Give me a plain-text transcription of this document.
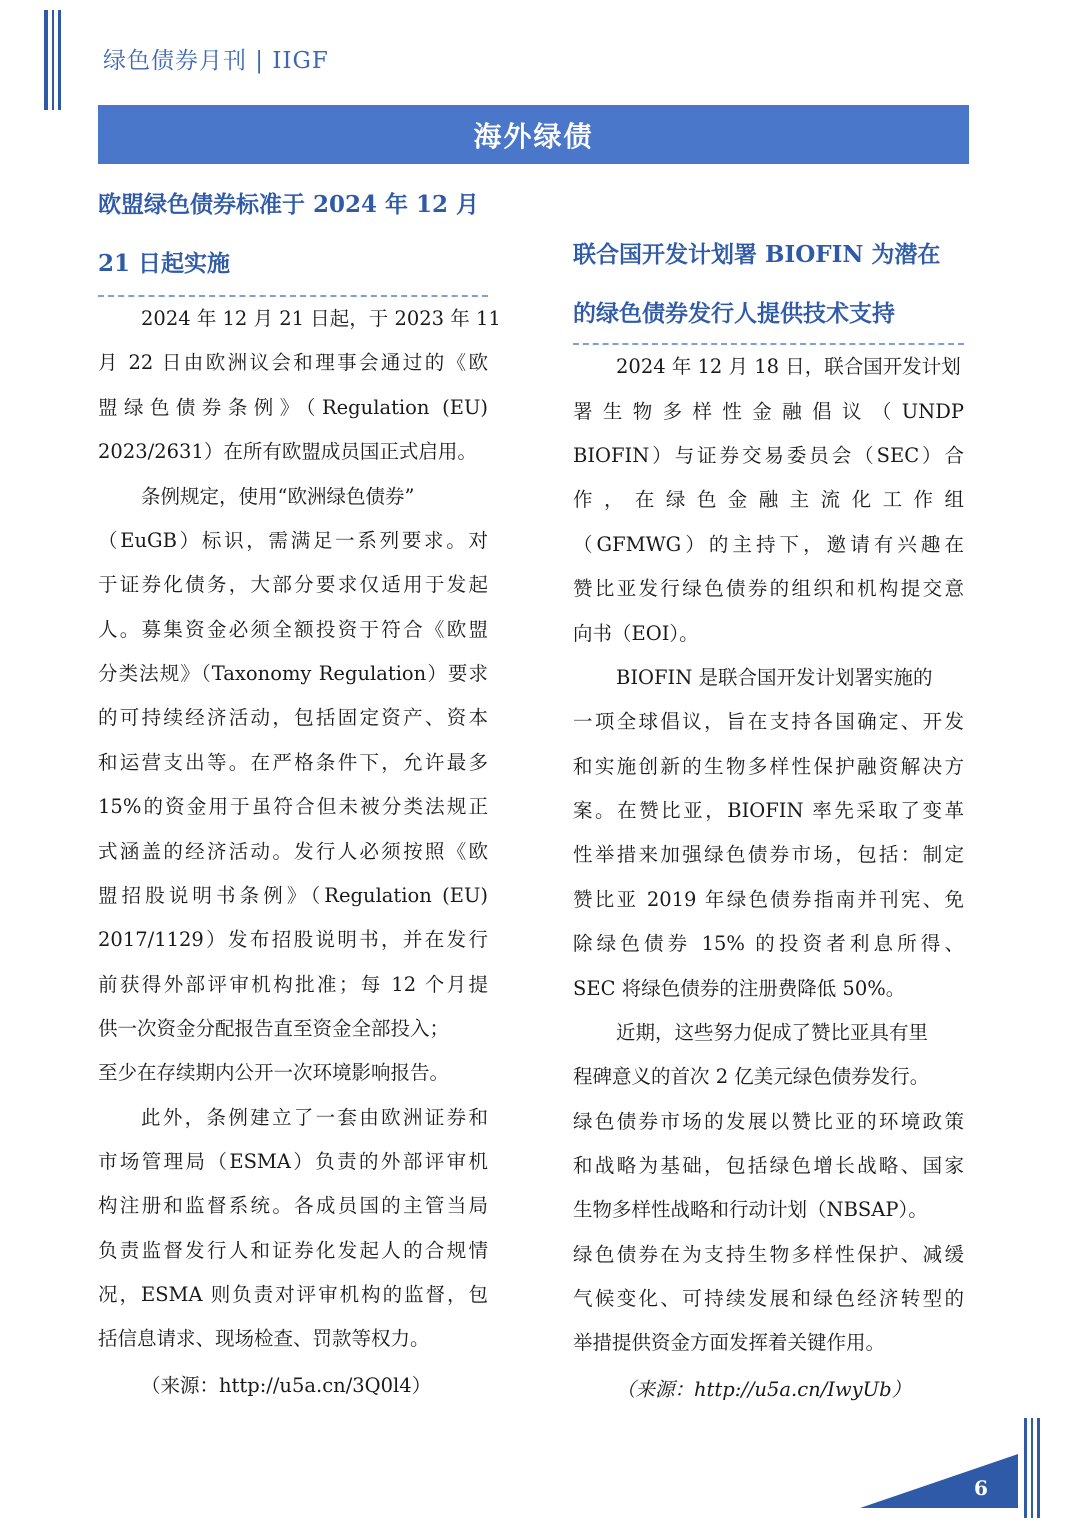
绿色债券月刊 | IIGF
海外绿债
欧盟绿色债券标准于 2024 年 12 月
21 日起实施
2024 年 12 月 21 日起，于 2023 年 11
月 22 日由欧洲议会和理事会通过的《欧
盟绿色债券条例》（Regulation (EU)
2023/2631）在所有欧盟成员国正式启用。
条例规定，使用“欧洲绿色债券”
（EuGB）标识，需满足一系列要求。对
于证券化债务，大部分要求仅适用于发起
人。募集资金必须全额投资于符合《欧盟
分类法规》（Taxonomy Regulation）要求
的可持续经济活动，包括固定资产、资本
和运营支出等。在严格条件下，允许最多
15%的资金用于虽符合但未被分类法规正
式涵盖的经济活动。发行人必须按照《欧
盟招股说明书条例》（Regulation (EU)
2017/1129）发布招股说明书，并在发行
前获得外部评审机构批准；每 12 个月提
供一次资金分配报告直至资金全部投入；
至少在存续期内公开一次环境影响报告。
此外，条例建立了一套由欧洲证券和
市场管理局（ESMA）负责的外部评审机
构注册和监督系统。各成员国的主管当局
负责监督发行人和证券化发起人的合规情
况，ESMA 则负责对评审机构的监督，包
括信息请求、现场检查、罚款等权力。
（来源：http://u5a.cn/3Q0l4）
联合国开发计划署 BIOFIN 为潜在
的绿色债券发行人提供技术支持
2024 年 12 月 18 日，联合国开发计划
署生物多样性金融倡议（UNDP
BIOFIN）与证券交易委员会（SEC）合
作，在绿色金融主流化工作组
（GFMWG）的主持下，邀请有兴趣在
赞比亚发行绿色债券的组织和机构提交意
向书（EOI）。
BIOFIN 是联合国开发计划署实施的
一项全球倡议，旨在支持各国确定、开发
和实施创新的生物多样性保护融资解决方
案。在赞比亚，BIOFIN 率先采取了变革
性举措来加强绿色债券市场，包括：制定
赞比亚 2019 年绿色债券指南并刊宪、免
除绿色债券 15% 的投资者利息所得、
SEC 将绿色债券的注册费降低 50%。
近期，这些努力促成了赞比亚具有里
程碑意义的首次 2 亿美元绿色债券发行。
绿色债券市场的发展以赞比亚的环境政策
和战略为基础，包括绿色增长战略、国家
生物多样性战略和行动计划（NBSAP）。
绿色债券在为支持生物多样性保护、减缓
气候变化、可持续发展和绿色经济转型的
举措提供资金方面发挥着关键作用。
（来源：http://u5a.cn/IwyUb）
6
